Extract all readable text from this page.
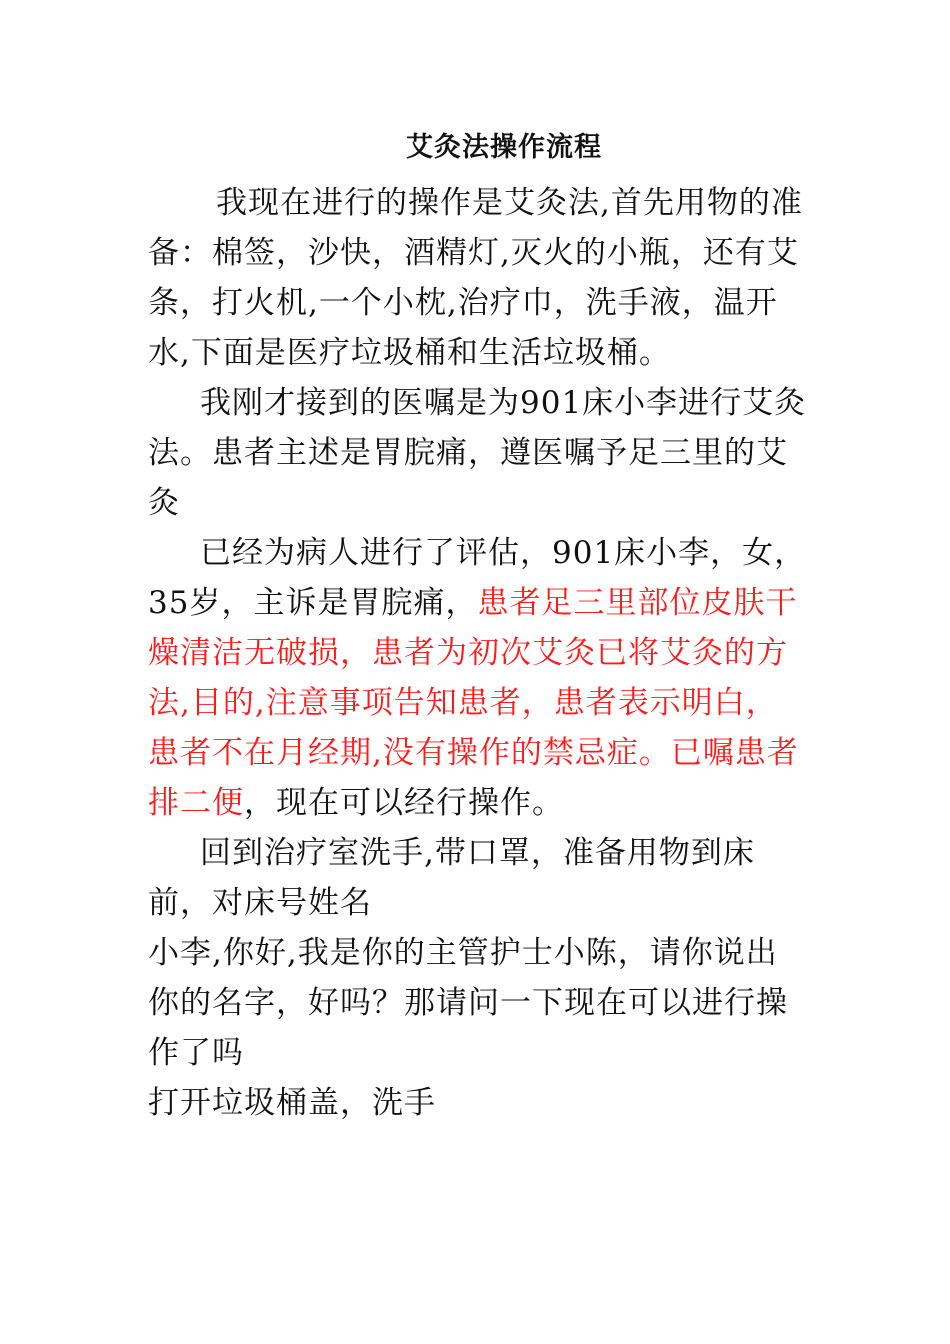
艾灸法操作流程

我现在进行的操作是艾灸法,首先用物的准备：棉签，沙快，酒精灯,灭火的小瓶，还有艾条，打火机,一个小枕,治疗巾，洗手液，温开水,下面是医疗垃圾桶和生活垃圾桶。

我刚才接到的医嘱是为901床小李进行艾灸法。患者主述是胃脘痛，遵医嘱予足三里的艾灸

已经为病人进行了评估，901床小李，女，35岁，主诉是胃脘痛，患者足三里部位皮肤干燥清洁无破损，患者为初次艾灸已将艾灸的方法,目的,注意事项告知患者，患者表示明白，患者不在月经期,没有操作的禁忌症。已嘱患者排二便，现在可以经行操作。

回到治疗室洗手,带口罩，准备用物到床前，对床号姓名

小李,你好,我是你的主管护士小陈，请你说出你的名字，好吗？那请问一下现在可以进行操作了吗

打开垃圾桶盖，洗手
